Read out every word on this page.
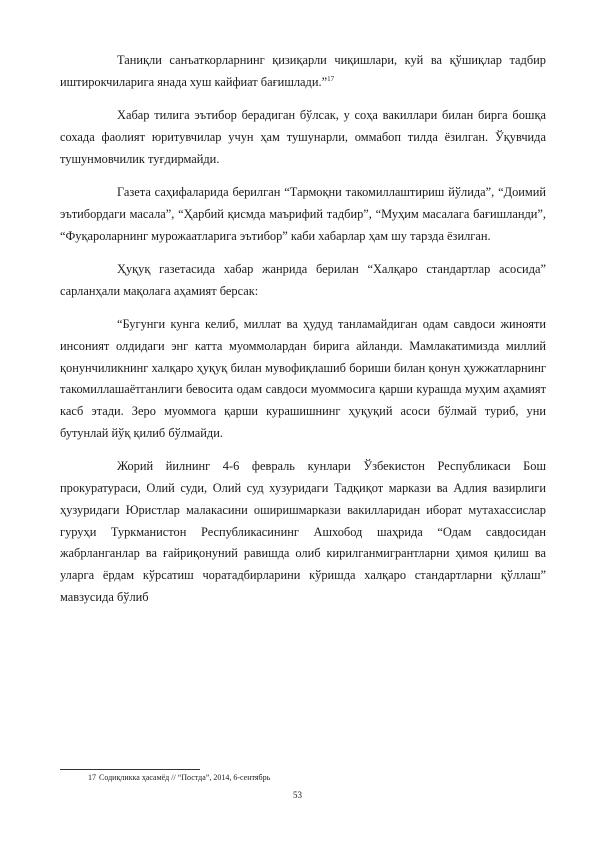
Таниқли санъаткорларнинг қизиқарли чиқишлари, куй ва қўшиқлар тадбир иштирокчиларига янада хуш кайфиат бағишлади.”$^{17}$

Хабар тилига эътибор берадиган бўлсак, у соҳа вакиллари билан бирга бошқа сохада фаолият юритувчилар учун ҳам тушунарли, оммабоп тилда ёзилган. Ўқувчида тушунмовчилик туғдирмайди.

Газета саҳифаларида берилган “Тармоқни такомиллаштириш йўлида”, “Доимий эътибордаги масала”, “Ҳарбий қисмда маърифий тадбир”, “Муҳим масалага бағишланди”, “Фуқароларнинг мурожаатларига эътибор” каби хабарлар ҳам шу тарзда ёзилган.

Ҳуқуқ газетасида хабар жанрида берилан “Халқаро стандартлар асосида” сарланҳали мақолага аҳамият берсак:

“Бугунги кунга келиб, миллат ва ҳудуд танламайдиган одам савдоси жинояти инсоният олдидаги энг катта муоммолардан бирига айланди. Мамлакатимизда миллий қонунчиликнинг халқаро ҳуқуқ билан мувофиқлашиб бориши билан қонун ҳужжатларнинг такомиллашаётганлиги бевосита одам савдоси муоммосига қарши курашда муҳим аҳамият касб этади. Зеро муоммога қарши курашишнинг ҳуқуқий асоси бўлмай туриб, уни бутунлай йўқ қилиб бўлмайди.

Жорий йилнинг 4-6 февраль кунлари Ўзбекистон Республикаси Бош прокуратураси, Олий суди, Олий суд хузуридаги Тадқиқот маркази ва Адлия вазирлиги ҳузуридаги Юристлар малакасини оширишмаркази вакилларидан иборат мутахассислар гуруҳи Туркманистон Республикасининг Ашхобод шаҳрида “Одам савдосидан жабрланганлар ва ғайриқонуний равишда олиб кирилганмигрантларни ҳимоя қилиш ва уларга ёрдам кўрсатиш чоратадбирларини кўришда халқаро стандартларни қўллаш” мавзусида бўлиб

17 Содиқликка ҳасамёд // “Постда”, 2014, 6-сентябрь
53
